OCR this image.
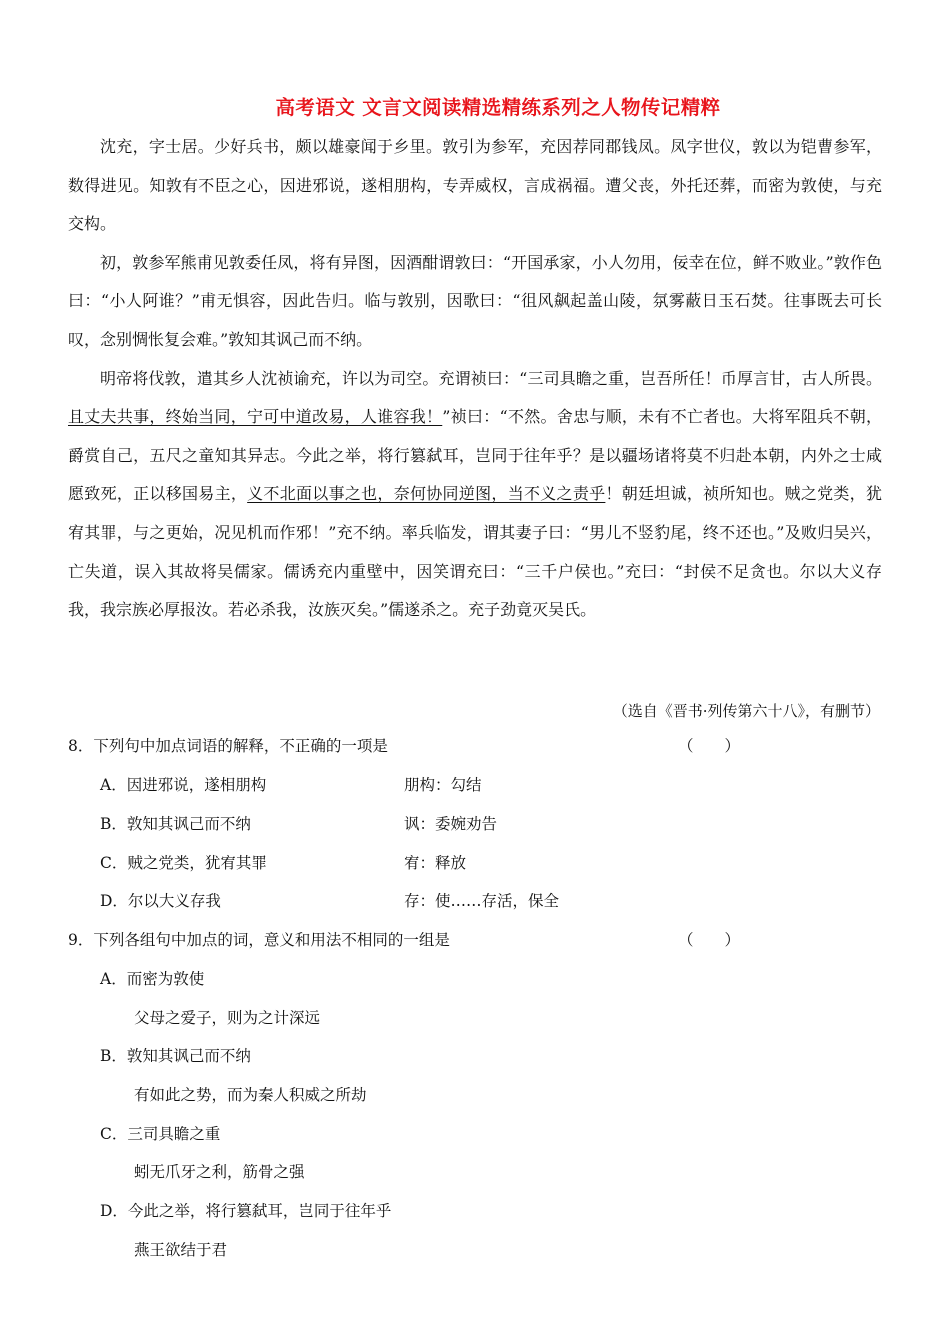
高考语文 文言文阅读精选精练系列之人物传记精粹

沈充，字士居。少好兵书，颇以雄豪闻于乡里。敦引为参军，充因荐同郡钱凤。凤字世仪，敦以为铠曹参军，数得进见。知敦有不臣之心，因进邪说，遂相朋构，专弄威权，言成祸福。遭父丧，外托还葬，而密为敦使，与充交构。

初，敦参军熊甫见敦委任凤，将有异图，因酒酣谓敦曰：“开国承家，小人勿用，佞幸在位，鲜不败业。”敦作色曰：“小人阿谁？”甫无惧容，因此告归。临与敦别，因歌曰：“徂风飙起盖山陵，氛雾蔽日玉石焚。往事既去可长叹，念别惆怅复会难。”敦知其讽己而不纳。

明帝将伐敦，遣其乡人沈祯谕充，许以为司空。充谓祯曰：“三司具瞻之重，岂吾所任！币厚言甘，古人所畏。且丈夫共事，终始当同，宁可中道改易，人谁容我！”祯曰：“不然。舍忠与顺，未有不亡者也。大将军阻兵不朝，爵赏自己，五尺之童知其异志。今此之举，将行篡弑耳，岂同于往年乎？是以疆场诸将莫不归赴本朝，内外之士咸愿致死，正以移国易主，义不北面以事之也，奈何协同逆图，当不义之责乎！朝廷坦诚，祯所知也。贼之党类，犹宥其罪，与之更始，况见机而作邪！”充不纳。率兵临发，谓其妻子曰：“男儿不竖豹尾，终不还也。”及败归吴兴，亡失道，误入其故将吴儒家。儒诱充内重壁中，因笑谓充曰：“三千户侯也。”充曰：“封侯不足贪也。尔以大义存我，我宗族必厚报汝。若必杀我，汝族灭矣。”儒遂杀之。充子劲竟灭吴氏。

（选自《晋书·列传第六十八》，有删节）
8．下列句中加点词语的解释，不正确的一项是	（　　）
A．因进邪说，遂相朋构	朋构：勾结
B．敦知其讽己而不纳	讽：委婉劝告
C．贼之党类，犹宥其罪	宥：释放
D．尔以大义存我	存：使……存活，保全
9．下列各组句中加点的词，意义和用法不相同的一组是	（　　）
A．而密为敦使
父母之爱子，则为之计深远
B．敦知其讽己而不纳
有如此之势，而为秦人积威之所劫
C．三司具瞻之重
蚓无爪牙之利，筋骨之强
D．今此之举，将行篡弑耳，岂同于往年乎
燕王欲结于君
